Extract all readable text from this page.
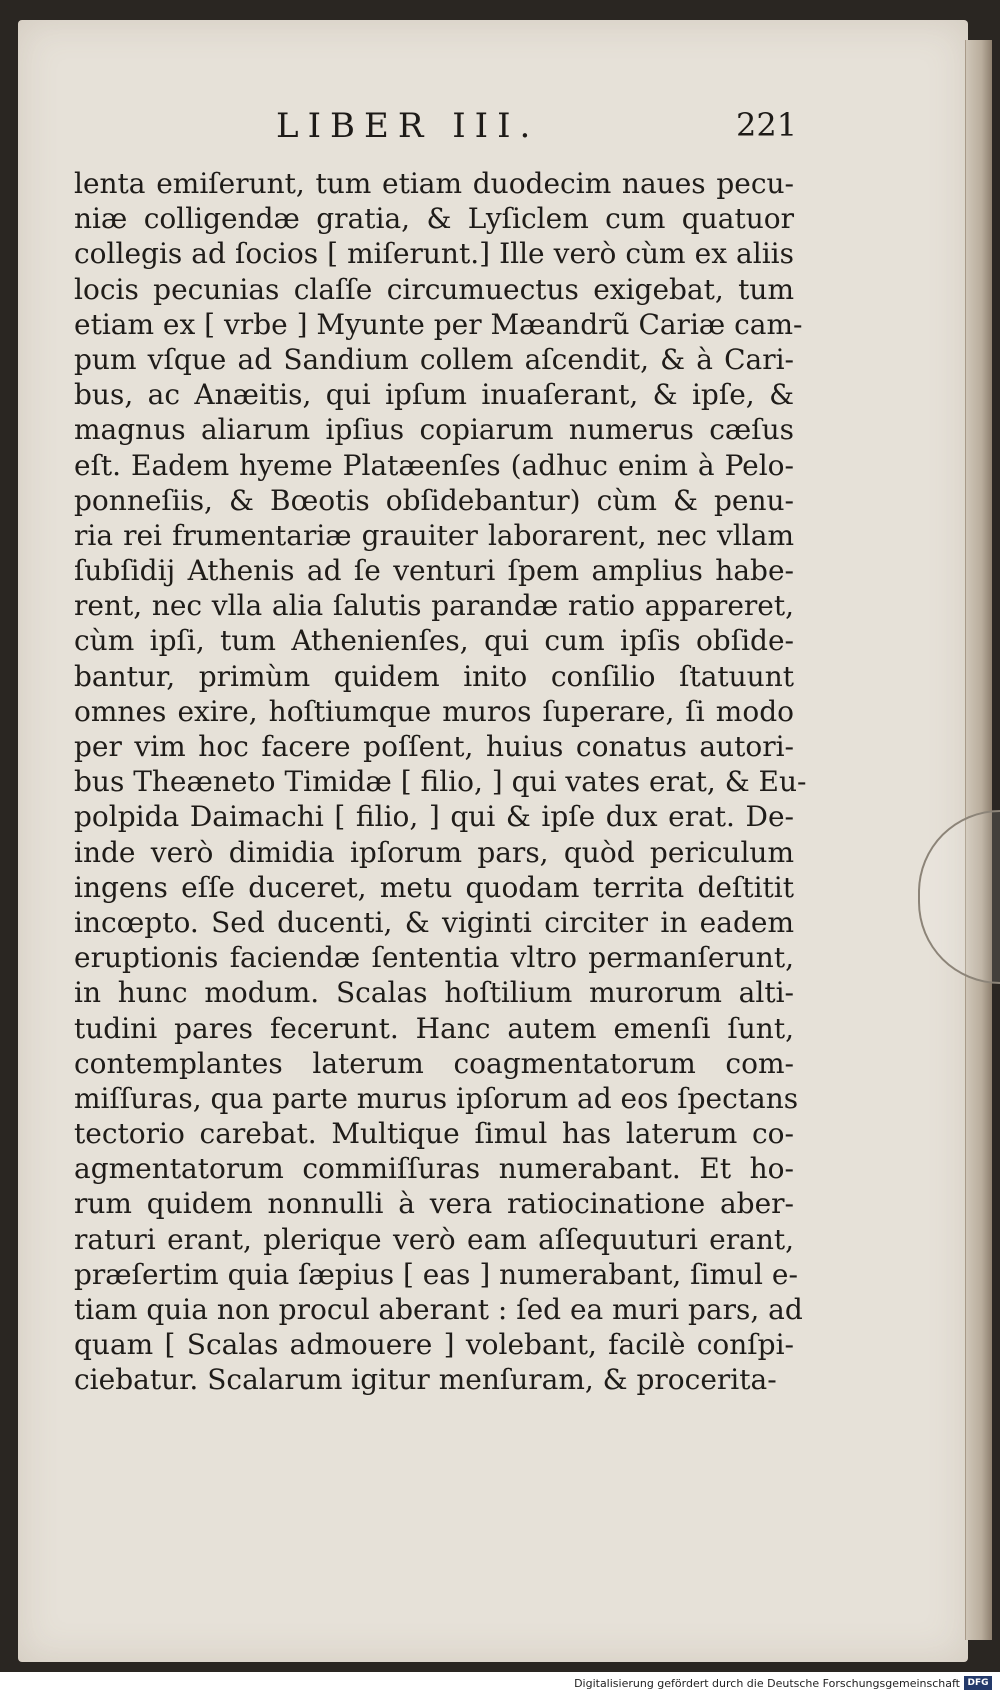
LIBER III.	221
lenta emiſerunt, tum etiam duodecim naues pecu-
niæ colligendæ gratia, & Lyſiclem cum quatuor
collegis ad ſocios [ miſerunt.] Ille verò cùm ex aliis
locis pecunias claſſe circumuectus exigebat, tum
etiam ex [ vrbe ] Myunte per Mæandrũ Cariæ cam-
pum vſque ad Sandium collem aſcendit, & à Cari-
bus, ac Anæitis, qui ipſum inuaſerant, & ipſe, &
magnus aliarum ipſius copiarum numerus cæſus
eſt. Eadem hyeme Platæenſes (adhuc enim à Pelo-
ponneſiis, & Bœotis obſidebantur) cùm & penu-
ria rei frumentariæ grauiter laborarent, nec vllam
ſubſidij Athenis ad ſe venturi ſpem amplius habe-
rent, nec vlla alia ſalutis parandæ ratio appareret,
cùm ipſi, tum Athenienſes, qui cum ipſis obſide-
bantur, primùm quidem inito conſilio ſtatuunt
omnes exire, hoſtiumque muros ſuperare, ſi modo
per vim hoc facere poſſent, huius conatus autori-
bus Theæneto Timidæ [ filio, ] qui vates erat, & Eu-
polpida Daimachi [ filio, ] qui & ipſe dux erat. De-
inde verò dimidia ipſorum pars, quòd periculum
ingens eſſe duceret, metu quodam territa deſtitit
incœpto. Sed ducenti, & viginti circiter in eadem
eruptionis faciendæ ſententia vltro permanſerunt,
in hunc modum. Scalas hoſtilium murorum alti-
tudini pares fecerunt. Hanc autem emenſi ſunt,
contemplantes laterum coagmentatorum com-
miſſuras, qua parte murus ipſorum ad eos ſpectans
tectorio carebat. Multique ſimul has laterum co-
agmentatorum commiſſuras numerabant. Et ho-
rum quidem nonnulli à vera ratiocinatione aber-
raturi erant, plerique verò eam aſſequuturi erant,
præſertim quia ſæpius [ eas ] numerabant, ſimul e-
tiam quia non procul aberant : ſed ea muri pars, ad
quam [ Scalas admouere ] volebant, facilè conſpi-
ciebatur. Scalarum igitur menſuram, & procerita-
Digitalisierung gefördert durch die Deutsche Forschungsgemeinschaft DFG
